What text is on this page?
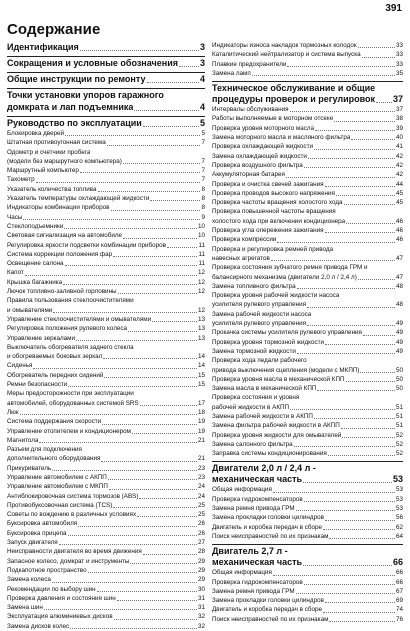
391
Содержание
Идентификация	3
Сокращения и условные обозначения 3
Общие инструкции по ремонту	4
Точки установки упоров гаражного
домкрата и лап подъемника	4
Руководство по эксплуатации	5
Блокировка дверей	5
Штатная противоугонная система	7
Одометр и счетчики пробега
(модели без маршрутного компьютера)	7
Маршрутный компьютер	7
Тахометр	7
Указатель количества топлива	8
Указатель температуры охлаждающей жидкости	8
Индикаторы комбинации приборов	8
Часы	9
Стеклоподъемники	10
Световая сигнализация на автомобиле	10
Регулировка яркости подсветки комбинации приборов	11
Система коррекции положения фар	11
Освещение салона	11
Капот	12
Крышка багажника	12
Лючок топливно-заливной горловины	12
Правила пользования стеклоочистителями
и омывателями	12
Управление стеклоочистителями и омывателями	13
Регулировка положения рулевого колеса	13
Управление зеркалами	13
Выключатель обогревателя заднего стекла
и обогреваемых боковых зеркал	14
Сиденья	14
Обогреватель передних сидений	15
Ремни безопасности	15
Меры предосторожности при эксплуатации
автомобилей, оборудованных системой SRS	17
Люк	18
Система поддержания скорости	19
Управление отопителем и кондиционером	19
Магнитола	21
Разъем для подключения
дополнительного оборудования	21
Прикуриватель	23
Управление автомобилем с АКПП	23
Управление автомобилем с МКПП	24
Антиблокировочная система тормозов (ABS)	24
Противобуксовочная система (TCS)	25
Советы по вождению в различных условиях	25
Буксировка автомобиля	26
Буксировка прицепа	26
Запуск двигателя	27
Неисправности двигателя во время движения	28
Запасное колесо, домкрат и инструменты	29
Подкапотное пространство	29
Замена колеса	29
Рекомендации по выбору шин	30
Проверка давления и состояния шин	31
Замена шин	31
Эксплуатация алюминиевых дисков	32
Замена дисков колес	32
Индикаторы износа накладок тормозных колодок	33
Каталитический нейтрализатор и система выпуска	33
Плавкие предохранители	33
Замена ламп	35
Техническое обслуживание и общие
процедуры проверок и регулировок 37
Интервалы обслуживания	37
Работы выполняемые в моторном отсеке	38
Проверка уровня моторного масла	39
Замена моторного масла и масляного фильтра	40
Проверка охлаждающей жидкости	41
Замена охлаждающей жидкости	42
Проверка воздушного фильтра	42
Аккумуляторная батарея	42
Проверка и очистка свечей зажигания	44
Проверка проводов высокого напряжения	45
Проверка частоты вращения холостого хода	45
Проверка повышенной частоты вращения
холостого хода при включении кондиционера	46
Проверка угла опережения зажигания	46
Проверка компрессии	46
Проверка и регулировка ремней привода
навесных агрегатов	47
Проверка состояния зубчатого ремня привода ГРМ и
балансирного механизма (двигатели 2,0 л / 2,4 л)	47
Замена топливного фильтра	48
Проверка уровня рабочей жидкости насоса
усилителя рулевого управления	48
Замена рабочей жидкости насоса
усилителя рулевого управления	49
Прокачка системы усилителя рулевого управления	49
Проверка уровня тормозной жидкости	49
Замена тормозной жидкости	49
Проверка хода педали рабочего
привода выключения сцепления (модели с МКПП)	50
Проверка уровня масла в механической КПП	50
Замена масла в механической КПП	50
Проверка состояния и уровня
рабочей жидкости в АКПП	51
Замена рабочей жидкости в АКПП	51
Замена фильтра рабочей жидкости в АКПП	51
Проверка уровня жидкости для омывателей	52
Замена салонного фильтра	52
Заправка системы кондиционирования	52
Двигатели 2,0 л / 2,4 л -
механическая часть	53
Общая информация	53
Проверка гидрокомпенсаторов	53
Замена ремня привода ГРМ	53
Замена прокладки головки цилиндров	56
Двигатель и коробка передач в сборе	62
Поиск неисправностей по их признакам	64
Двигатель 2,7 л -
механическая часть	66
Общая информация	66
Проверка гидрокомпенсаторов	66
Замена ремня привода ГРМ	67
Замена прокладки головки цилиндров	69
Двигатель и коробка передач в сборе	74
Поиск неисправностей по их признакам	76
